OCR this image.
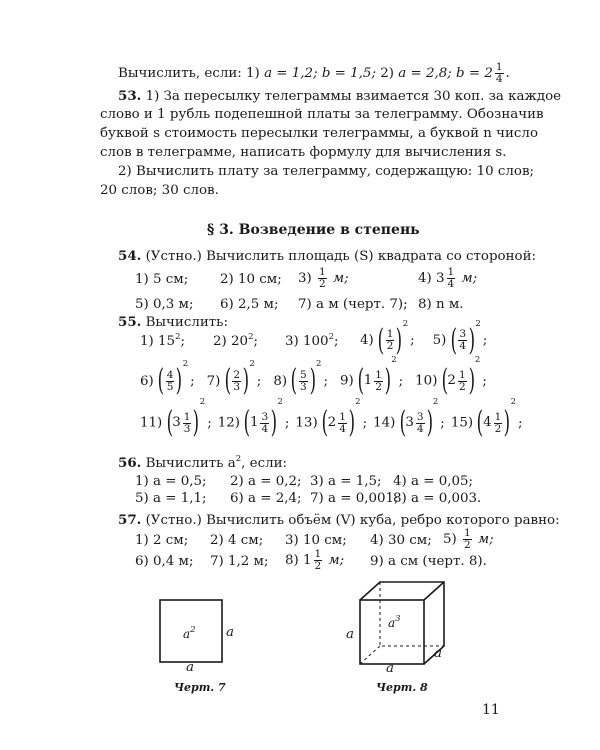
Вычислить, если: 1) a = 1,2; b = 1,5; 2) a = 2,8; $b = 2 \frac{1}{4}$ .
53. 1) За пересылку телеграммы взимается 30 коп. за каждое
слово и 1 рубль подепешной платы за телеграмму. Обозначив
буквой s стоимость пересылки телеграммы, а буквой n число
слов в телеграмме, написать формулу для вычисления s.
2) Вычислить плату за телеграмму, содержащую: 10 слов;
20 слов; 30 слов.
§ 3. Возведение в степень
54. (Устно.) Вычислить площадь (S) квадрата со стороной:
1) 5 см; 2) 10 см; $3) \frac{1}{2} м$;	4) $3 \frac{1}{4} м$;
5) 0,3 м; 6) 2,5 м; 7) a м (черт. 7); 8) n м.
55. Вычислить:
1) $15^2$; 2) $20^2$; 3) $100^2$; 4) ( $\frac{1}{2}$ ) 2
; 5) ( $\frac{3}{4}$ ) 2
;
6) ( $\frac{4}{5}$ ) 2
; 7) ( $\frac{2}{3}$ ) 2
; 8) ( $\frac{5}{3}$ ) 2
; 9) ( $1 \frac{1}{2}$ )
2
; 10) ( $2 \frac{1}{2}$ )
2
;
11) ( $3 \frac{1}{3}$ )
2
; 12) ( $1 \frac{3}{4}$ )
2
; 13) ( $2 \frac{1}{4}$ )
2
; 14) ( $3 \frac{3}{4}$ )
2
; 15) ( $4 \frac{1}{2}$ )
2
;
56. Вычислить $a^2$, если:
1) a = 0,5; 2) a = 0,2; 3) a = 1,5; 4) a = 0,05;
5) a = 1,1; 6) a = 2,4; 7) a = 0,001;
8) a = 0,003.
57. (Устно.) Вычислить объём (V) куба, ребро которого равно:
1) 2 см; 2) 4 см; 3) 10 см; 4) 30 см; $5) \frac{1}{2} м$;
6) 0,4 м; 7) 1,2 м; 8) $1 \frac{1}{2} м$; 9) a см (черт. 8).
$a^2$ a
a
Черт. 7
$a^3$
a
a
a
Черт. 8
11
